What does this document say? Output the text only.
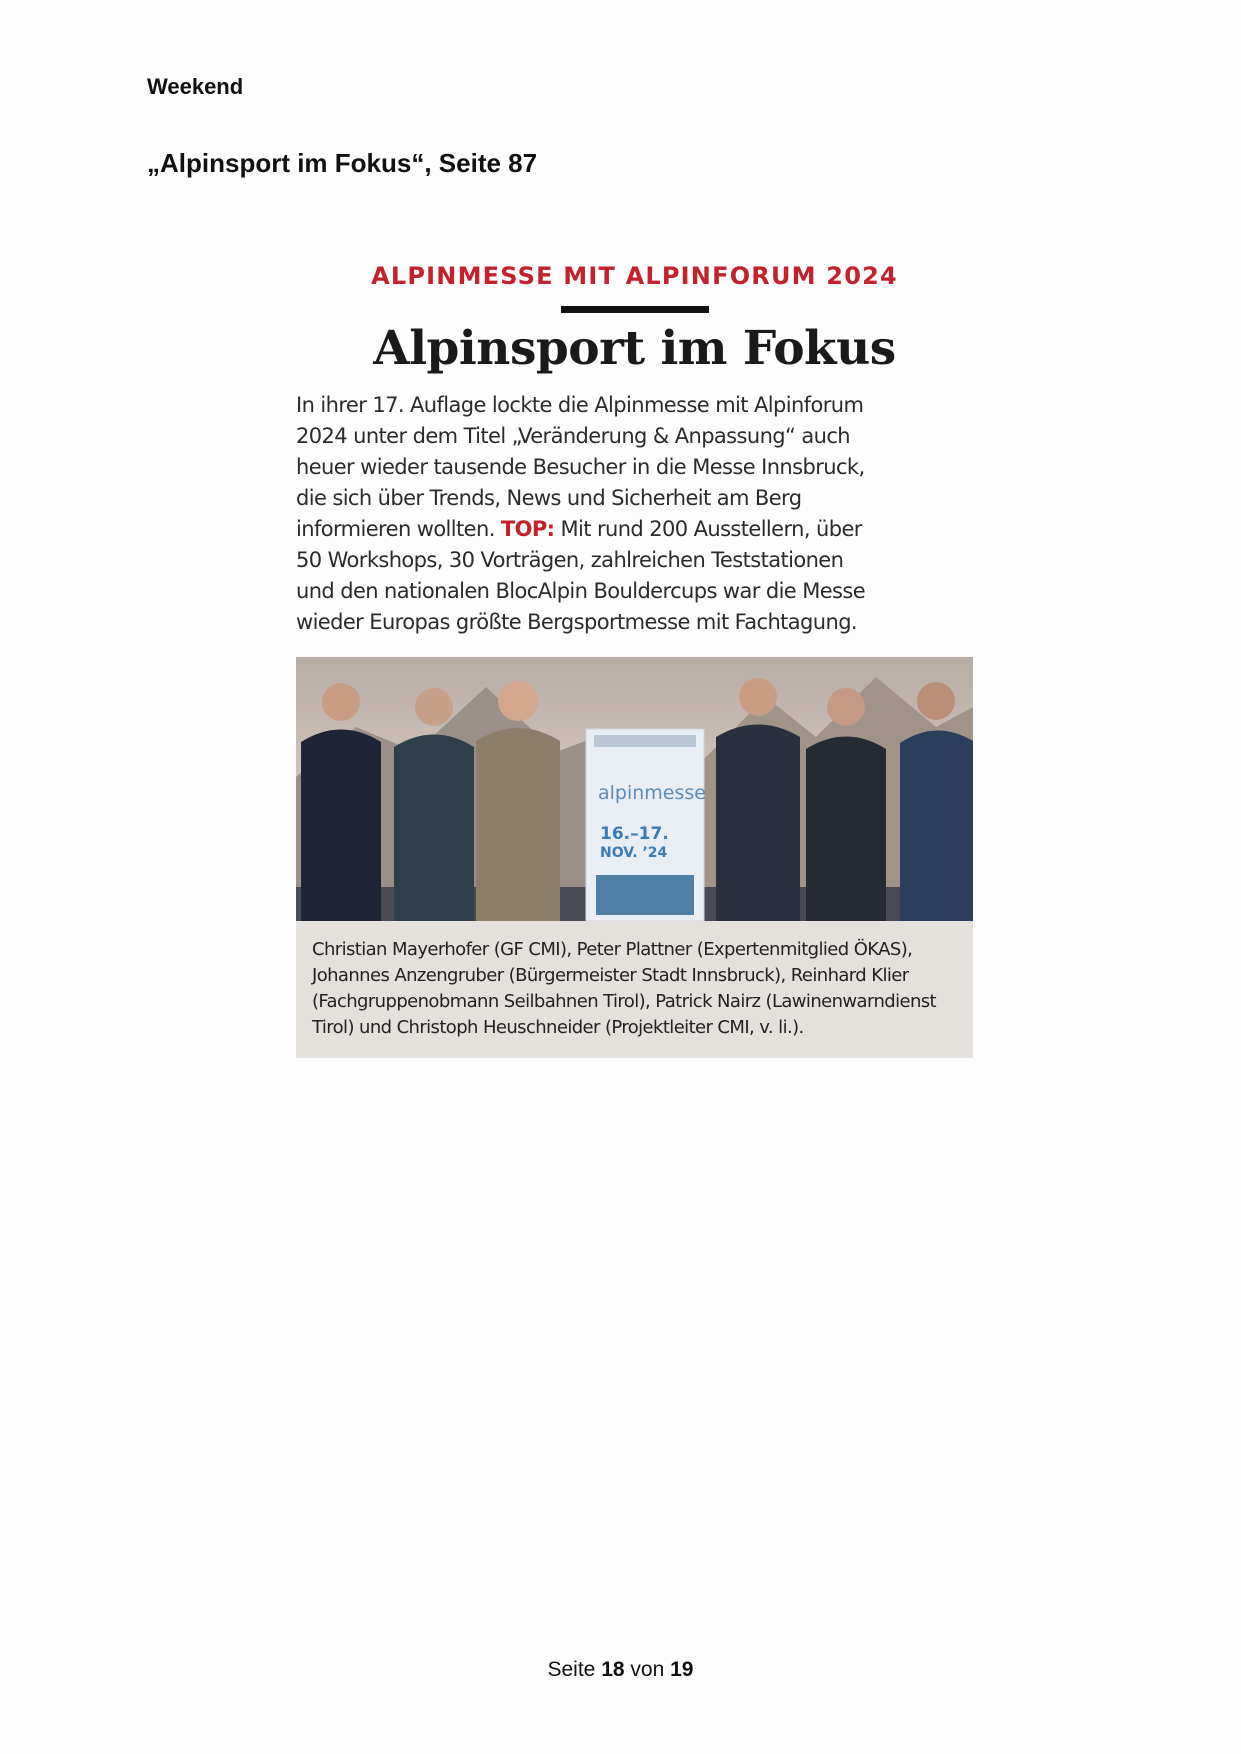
Weekend
„Alpinsport im Fokus“, Seite 87
ALPINMESSE MIT ALPINFORUM 2024
Alpinsport im Fokus
In ihrer 17. Auflage lockte die Alpinmesse mit Alpinforum 2024 unter dem Titel „Veränderung & Anpassung“ auch heuer wieder tausende Besucher in die Messe Innsbruck, die sich über Trends, News und Sicherheit am Berg informieren wollten. TOP: Mit rund 200 Ausstellern, über 50 Workshops, 30 Vorträgen, zahlreichen Teststationen und den nationalen BlocAlpin Bouldercups war die Messe wieder Europas größte Bergsportmesse mit Fachtagung.
alpinmesse
16.–17.
NOV. ’24
Christian Mayerhofer (GF CMI), Peter Plattner (Expertenmitglied ÖKAS), Johannes Anzengruber (Bürgermeister Stadt Innsbruck), Reinhard Klier (Fachgruppenobmann Seilbahnen Tirol), Patrick Nairz (Lawinenwarndienst Tirol) und Christoph Heuschneider (Projektleiter CMI, v. li.).
Seite 18 von 19
